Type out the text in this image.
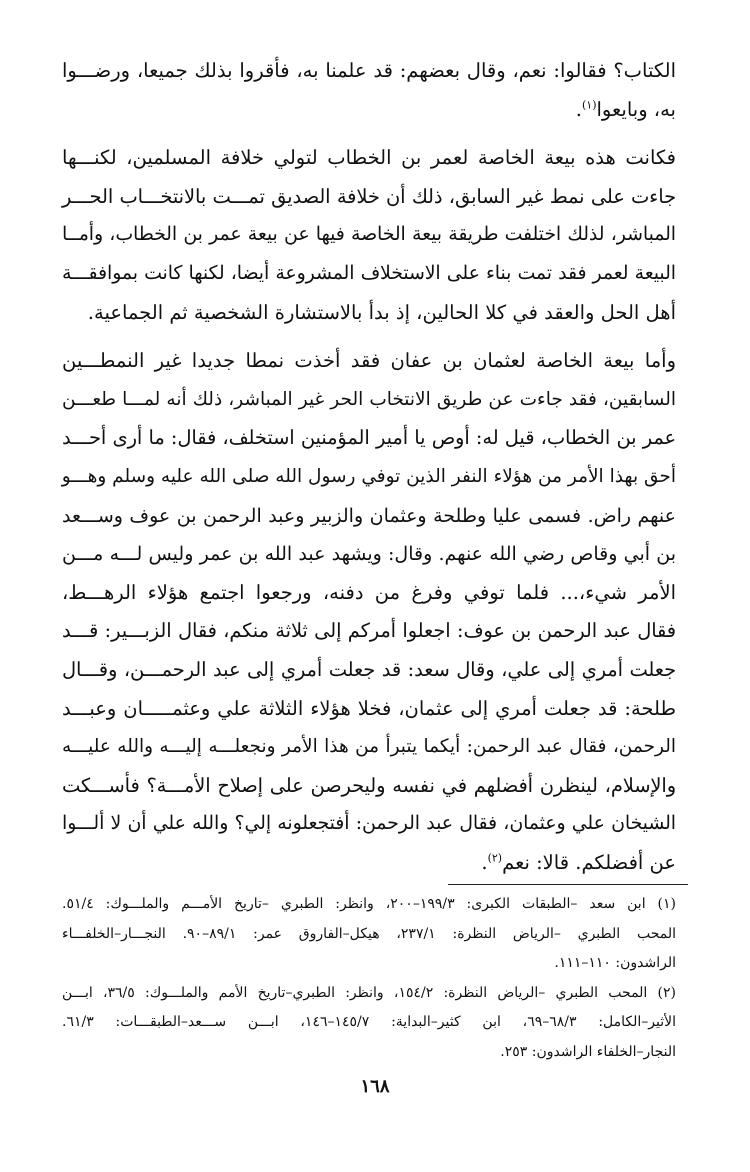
الكتاب؟ فقالوا: نعم، وقال بعضهم: قد علمنا به، فأقروا بذلك جميعا، ورضـــوا
به، وبايعوا$^{(١)}$.

فكانت هذه بيعة الخاصة لعمر بن الخطاب لتولي خلافة المسلمين، لكنـــها
جاءت على نمط غير السابق، ذلك أن خلافة الصديق تمـــت بالانتخـــاب الحـــر
المباشر، لذلك اختلفت طريقة بيعة الخاصة فيها عن بيعة عمر بن الخطاب، وأمــا
البيعة لعمر فقد تمت بناء على الاستخلاف المشروعة أيضا، لكنها كانت بموافقـــة
أهل الحل والعقد في كلا الحالين، إذ بدأ بالاستشارة الشخصية ثم الجماعية.

وأما بيعة الخاصة لعثمان بن عفان فقد أخذت نمطا جديدا غير النمطـــين
السابقين، فقد جاءت عن طريق الانتخاب الحر غير المباشر، ذلك أنه لمـــا طعـــن
عمر بن الخطاب، قيل له: أوص يا أمير المؤمنين استخلف، فقال: ما أرى أحـــد
أحق بهذا الأمر من هؤلاء النفر الذين توفي رسول الله صلى الله عليه وسلم وهـــو
عنهم راض. فسمى عليا وطلحة وعثمان والزبير وعبد الرحمن بن عوف وســـعد
بن أبي وقاص رضي الله عنهم. وقال: ويشهد عبد الله بن عمر وليس لـــه مـــن
الأمر شيء،... فلما توفي وفرغ من دفنه، ورجعوا اجتمع هؤلاء الرهـــط،
فقال عبد الرحمن بن عوف: اجعلوا أمركم إلى ثلاثة منكم، فقال الزبـــير: قـــد
جعلت أمري إلى علي، وقال سعد: قد جعلت أمري إلى عبد الرحمـــن، وقـــال
طلحة: قد جعلت أمري إلى عثمان، فخلا هؤلاء الثلاثة علي وعثمـــــان وعبـــد
الرحمن، فقال عبد الرحمن: أيكما يتبرأ من هذا الأمر ونجعلـــه إليـــه والله عليـــه
والإسلام، لينظرن أفضلهم في نفسه وليحرصن على إصلاح الأمـــة؟ فأســـكت
الشيخان علي وعثمان، فقال عبد الرحمن: أفتجعلونه إلي؟ والله علي أن لا ألـــوا
عن أفضلكم. قالا: نعم$^{(٢)}$.

(١) ابن سعد –الطبقات الكبرى: ١٩٩/٣–٢٠٠، وانظر: الطبري –تاريخ الأمـــم والملـــوك: ٥١/٤.
المحب الطبري –الرياض النظرة: ٢٣٧/١، هيكل–الفاروق عمر: ٨٩/١–٩٠. النجـــار–الخلفـــاء
الراشدون: ١١٠–١١١.

(٢) المحب الطبري –الرياض النظرة: ١٥٤/٢، وانظر: الطبري–تاريخ الأمم والملـــوك: ٣٦/٥، ابـــن
الأثير–الكامل: ٦٨/٣–٦٩، ابن كثير–البداية: ١٤٥/٧–١٤٦، ابـــن ســـعد–الطبقـــات: ٦١/٣.
النجار–الخلفاء الراشدون: ٢٥٣.

١٦٨
